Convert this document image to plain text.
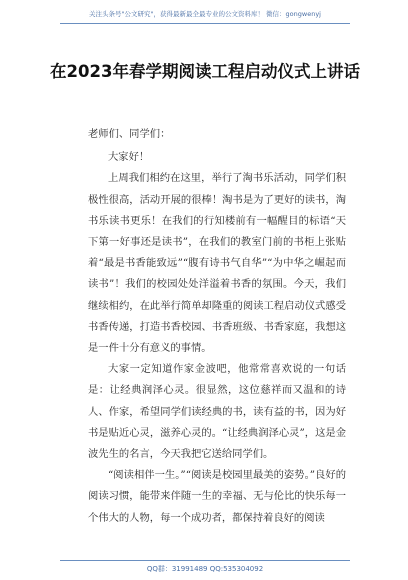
关注头条号"公文研究"，获得最新最全最专业的公文资料库！ 微信：gongwenyj
在2023年春学期阅读工程启动仪式上讲话

老师们、同学们：

大家好！

上周我们相约在这里，举行了淘书乐活动，同学们积极性很高，活动开展的很棒！淘书是为了更好的读书，淘书乐读书更乐！在我们的行知楼前有一幅醒目的标语“天下第一好事还是读书”，在我们的教室门前的书柜上张贴着“最是书香能致远”“腹有诗书气自华”“为中华之崛起而读书”！我们的校园处处洋溢着书香的氛围。今天，我们继续相约，在此举行简单却隆重的阅读工程启动仪式感受书香传递，打造书香校园、书香班级、书香家庭，我想这是一件十分有意义的事情。

大家一定知道作家金波吧，他常常喜欢说的一句话是：让经典润泽心灵。很显然，这位慈祥而又温和的诗人、作家，希望同学们读经典的书，读有益的书，因为好书是贴近心灵，滋养心灵的。“让经典润泽心灵”，这是金波先生的名言，今天我把它送给同学们。

“阅读相伴一生。”“阅读是校园里最美的姿势。”良好的阅读习惯，能带来伴随一生的幸福、无与伦比的快乐每一个伟大的人物，每一个成功者，都保持着良好的阅读

QQ群：31991489 QQ:535304092
